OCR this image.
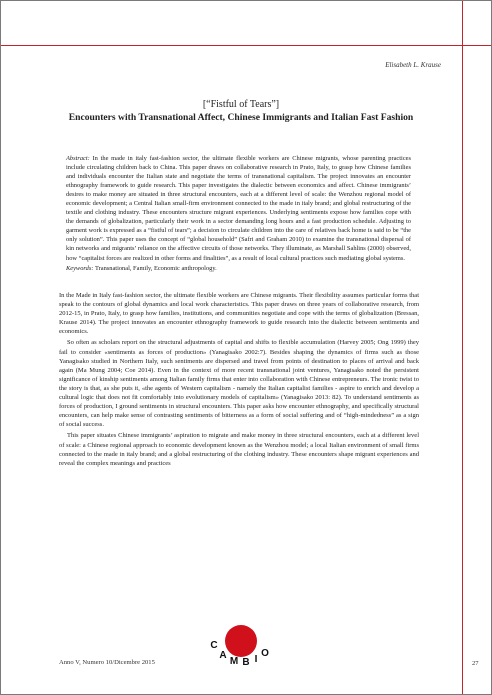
Elisabeth L. Krause
[“Fistful of Tears”]
Encounters with Transnational Affect, Chinese Immigrants and Italian Fast Fashion

Abstract: In the made in italy fast-fashion sector, the ultimate flexible workers are Chinese migrants, whose parenting practices include circulating children back to China. This paper draws on collaborative research in Prato, Italy, to grasp how Chinese families and individuals encounter the Italian state and negotiate the terms of transnational capitalism. The project innovates an encounter ethnography framework to guide research. This paper investigates the dialectic between economics and affect. Chinese immigrants’ desires to make money are situated in three structural encounters, each at a different level of scale: the Wenzhou regional model of economic development; a Central Italian small-firm environment connected to the made in italy brand; and global restructuring of the textile and clothing industry. These encounters structure migrant experiences. Underlying sentiments expose how families cope with the demands of globalization, particularly their work in a sector demanding long hours and a fast production schedule. Adjusting to garment work is expressed as a “fistful of tears”; a decision to circulate children into the care of relatives back home is said to be “the only solution”. This paper uses the concept of “global household” (Safri and Graham 2010) to examine the transnational dispersal of kin networks and migrants’ reliance on the affective circuits of those networks. They illuminate, as Marshall Sahlins (2000) observed, how “capitalist forces are realized in other forms and finalities”, as a result of local cultural practices such mediating global systems.

Keywords: Transnational, Family, Economic anthropology.

In the Made in Italy fast-fashion sector, the ultimate flexible workers are Chinese migrants. Their flexibility assumes particular forms that speak to the contours of global dynamics and local work characteristics. This paper draws on three years of collaborative research, from 2012-15, in Prato, Italy, to grasp how families, institutions, and communities negotiate and cope with the terms of globalization (Bressan, Krause 2014). The project innovates an encounter ethnography framework to guide research into the dialectic between sentiments and economics.

So often as scholars report on the structural adjustments of capital and shifts to flexible accumulation (Harvey 2005; Ong 1999) they fail to consider «sentiments as forces of production» (Yanagisako 2002:7). Besides shaping the dynamics of firms such as those Yanagisako studied in Northern Italy, such sentiments are dispersed and travel from points of destination to places of arrival and back again (Ma Mung 2004; Coe 2014). Even in the context of more recent transnational joint ventures, Yanagisako noted the persistent significance of kinship sentiments among Italian family firms that enter into collaboration with Chinese entrepreneurs. The ironic twist to the story is that, as she puts it, «the agents of Western capitalism - namely the Italian capitalist families - aspire to enrich and develop a cultural logic that does not fit comfortably into evolutionary models of capitalism» (Yanagisako 2013: 82). To understand sentiments as forces of production, I ground sentiments in structural encounters. This paper asks how encounter ethnography, and specifically structural encounters, can help make sense of contrasting sentiments of bitterness as a form of social suffering and of “high-mindedness” as a sign of social success.

This paper situates Chinese immigrants’ aspiration to migrate and make money in three structural encounters, each at a different level of scale: a Chinese regional approach to economic development known as the Wenzhou model; a local Italian environment of small firms connected to the made in italy brand; and a global restructuring of the clothing industry. These encounters shape migrant experiences and reveal the complex meanings and practices

C
A
M B I
O
Anno V, Numero 10/Dicembre 2015	27
